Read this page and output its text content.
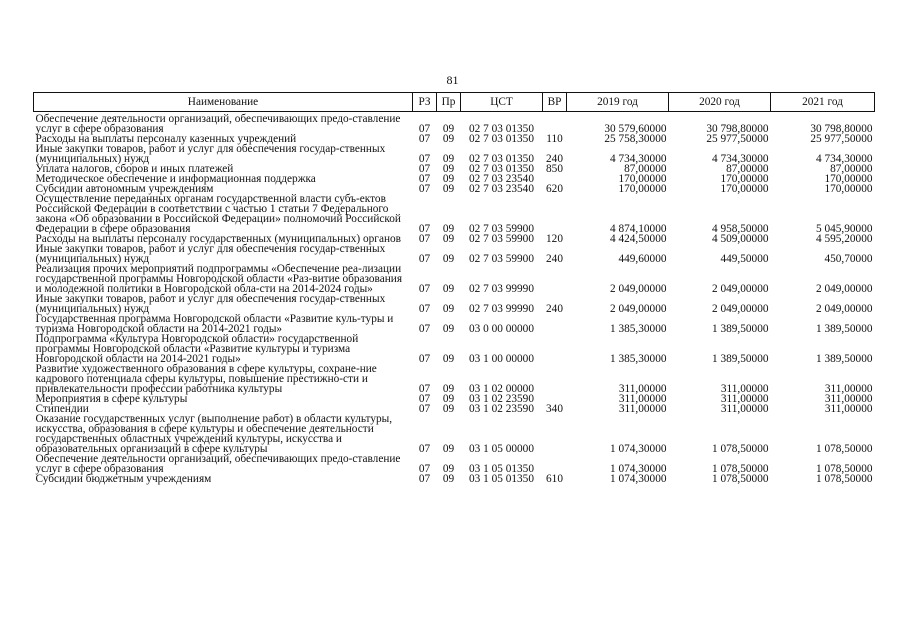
81
Наименование	РЗ	Пр	ЦСТ	ВР	2019 год	2020 год	2021 год
Обеспечение деятельности организаций, обеспечивающих предо-ставление услуг в сфере образования	07	09	02 7 03 01350		30 579,60000	30 798,80000	30 798,80000
Расходы на выплаты персоналу казенных учреждений	07	09	02 7 03 01350	110	25 758,30000	25 977,50000	25 977,50000
Иные закупки товаров, работ и услуг для обеспечения государ-ственных (муниципальных) нужд	07	09	02 7 03 01350	240	4 734,30000	4 734,30000	4 734,30000
Уплата налогов, сборов и иных платежей	07	09	02 7 03 01350	850	87,00000	87,00000	87,00000
Методическое обеспечение и информационная поддержка	07	09	02 7 03 23540		170,00000	170,00000	170,00000
Субсидии автономным учреждениям	07	09	02 7 03 23540	620	170,00000	170,00000	170,00000
Осуществление переданных органам государственной власти субъ-ектов Российской Федерации в соответствии с частью 1 статьи 7 Федерального закона «Об образовании в Российской Федерации» полномочий Российской Федерации в сфере образования	07	09	02 7 03 59900		4 874,10000	4 958,50000	5 045,90000
Расходы на выплаты персоналу государственных (муниципальных) органов	07	09	02 7 03 59900	120	4 424,50000	4 509,00000	4 595,20000
Иные закупки товаров, работ и услуг для обеспечения государ-ственных (муниципальных) нужд	07	09	02 7 03 59900	240	449,60000	449,50000	450,70000
Реализация прочих мероприятий подпрограммы «Обеспечение реа-лизации государственной программы Новгородской области «Раз-витие образования и молодежной политики в Новгородской обла-сти на 2014-2024 годы»	07	09	02 7 03 99990		2 049,00000	2 049,00000	2 049,00000
Иные закупки товаров, работ и услуг для обеспечения государ-ственных (муниципальных) нужд	07	09	02 7 03 99990	240	2 049,00000	2 049,00000	2 049,00000
Государственная программа Новгородской области «Развитие куль-туры и туризма Новгородской области на 2014-2021 годы»	07	09	03 0 00 00000		1 385,30000	1 389,50000	1 389,50000
Подпрограмма «Культура Новгородской области» государственной программы Новгородской области «Развитие культуры и туризма Новгородской области на 2014-2021 годы»	07	09	03 1 00 00000		1 385,30000	1 389,50000	1 389,50000
Развитие художественного образования в сфере культуры, сохране-ние кадрового потенциала сферы культуры, повышение престижно-сти и привлекательности профессии работника культуры	07	09	03 1 02 00000		311,00000	311,00000	311,00000
Мероприятия в сфере культуры	07	09	03 1 02 23590		311,00000	311,00000	311,00000
Стипендии	07	09	03 1 02 23590	340	311,00000	311,00000	311,00000
Оказание государственных услуг (выполнение работ) в области культуры, искусства, образования в сфере культуры и обеспечение деятельности государственных областных учреждений культуры, искусства и образовательных организаций в сфере культуры	07	09	03 1 05 00000		1 074,30000	1 078,50000	1 078,50000
Обеспечение деятельности организаций, обеспечивающих предо-ставление услуг в сфере образования	07	09	03 1 05 01350		1 074,30000	1 078,50000	1 078,50000
Субсидии бюджетным учреждениям	07	09	03 1 05 01350	610	1 074,30000	1 078,50000	1 078,50000
